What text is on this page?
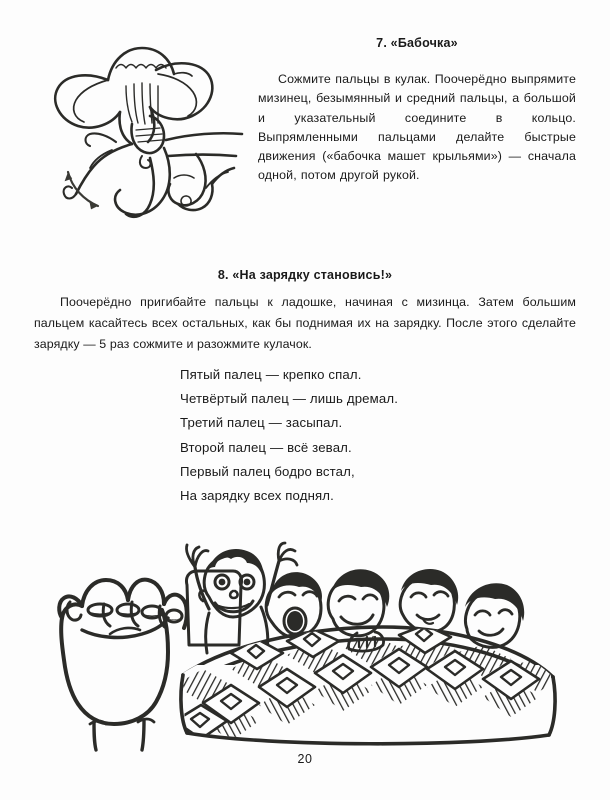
7. «Бабочка»
Сожмите пальцы в кулак. Поочерёдно выпрямите мизинец, безымянный и средний пальцы, а большой и указательный соедините в кольцо. Выпрямленными пальцами делайте быстрые движения («бабочка машет крыльями») — сначала одной, потом другой рукой.
8. «На зарядку становись!»
Поочерёдно пригибайте пальцы к ладошке, начиная с мизинца. Затем большим пальцем касайтесь всех остальных, как бы поднимая их на зарядку. После этого сделайте зарядку — 5 раз сожмите и разожмите кулачок.
Пятый палец — крепко спал.
Четвёртый палец — лишь дремал.
Третий палец — засыпал.
Второй палец — всё зевал.
Первый палец бодро встал,
На зарядку всех поднял.
20
